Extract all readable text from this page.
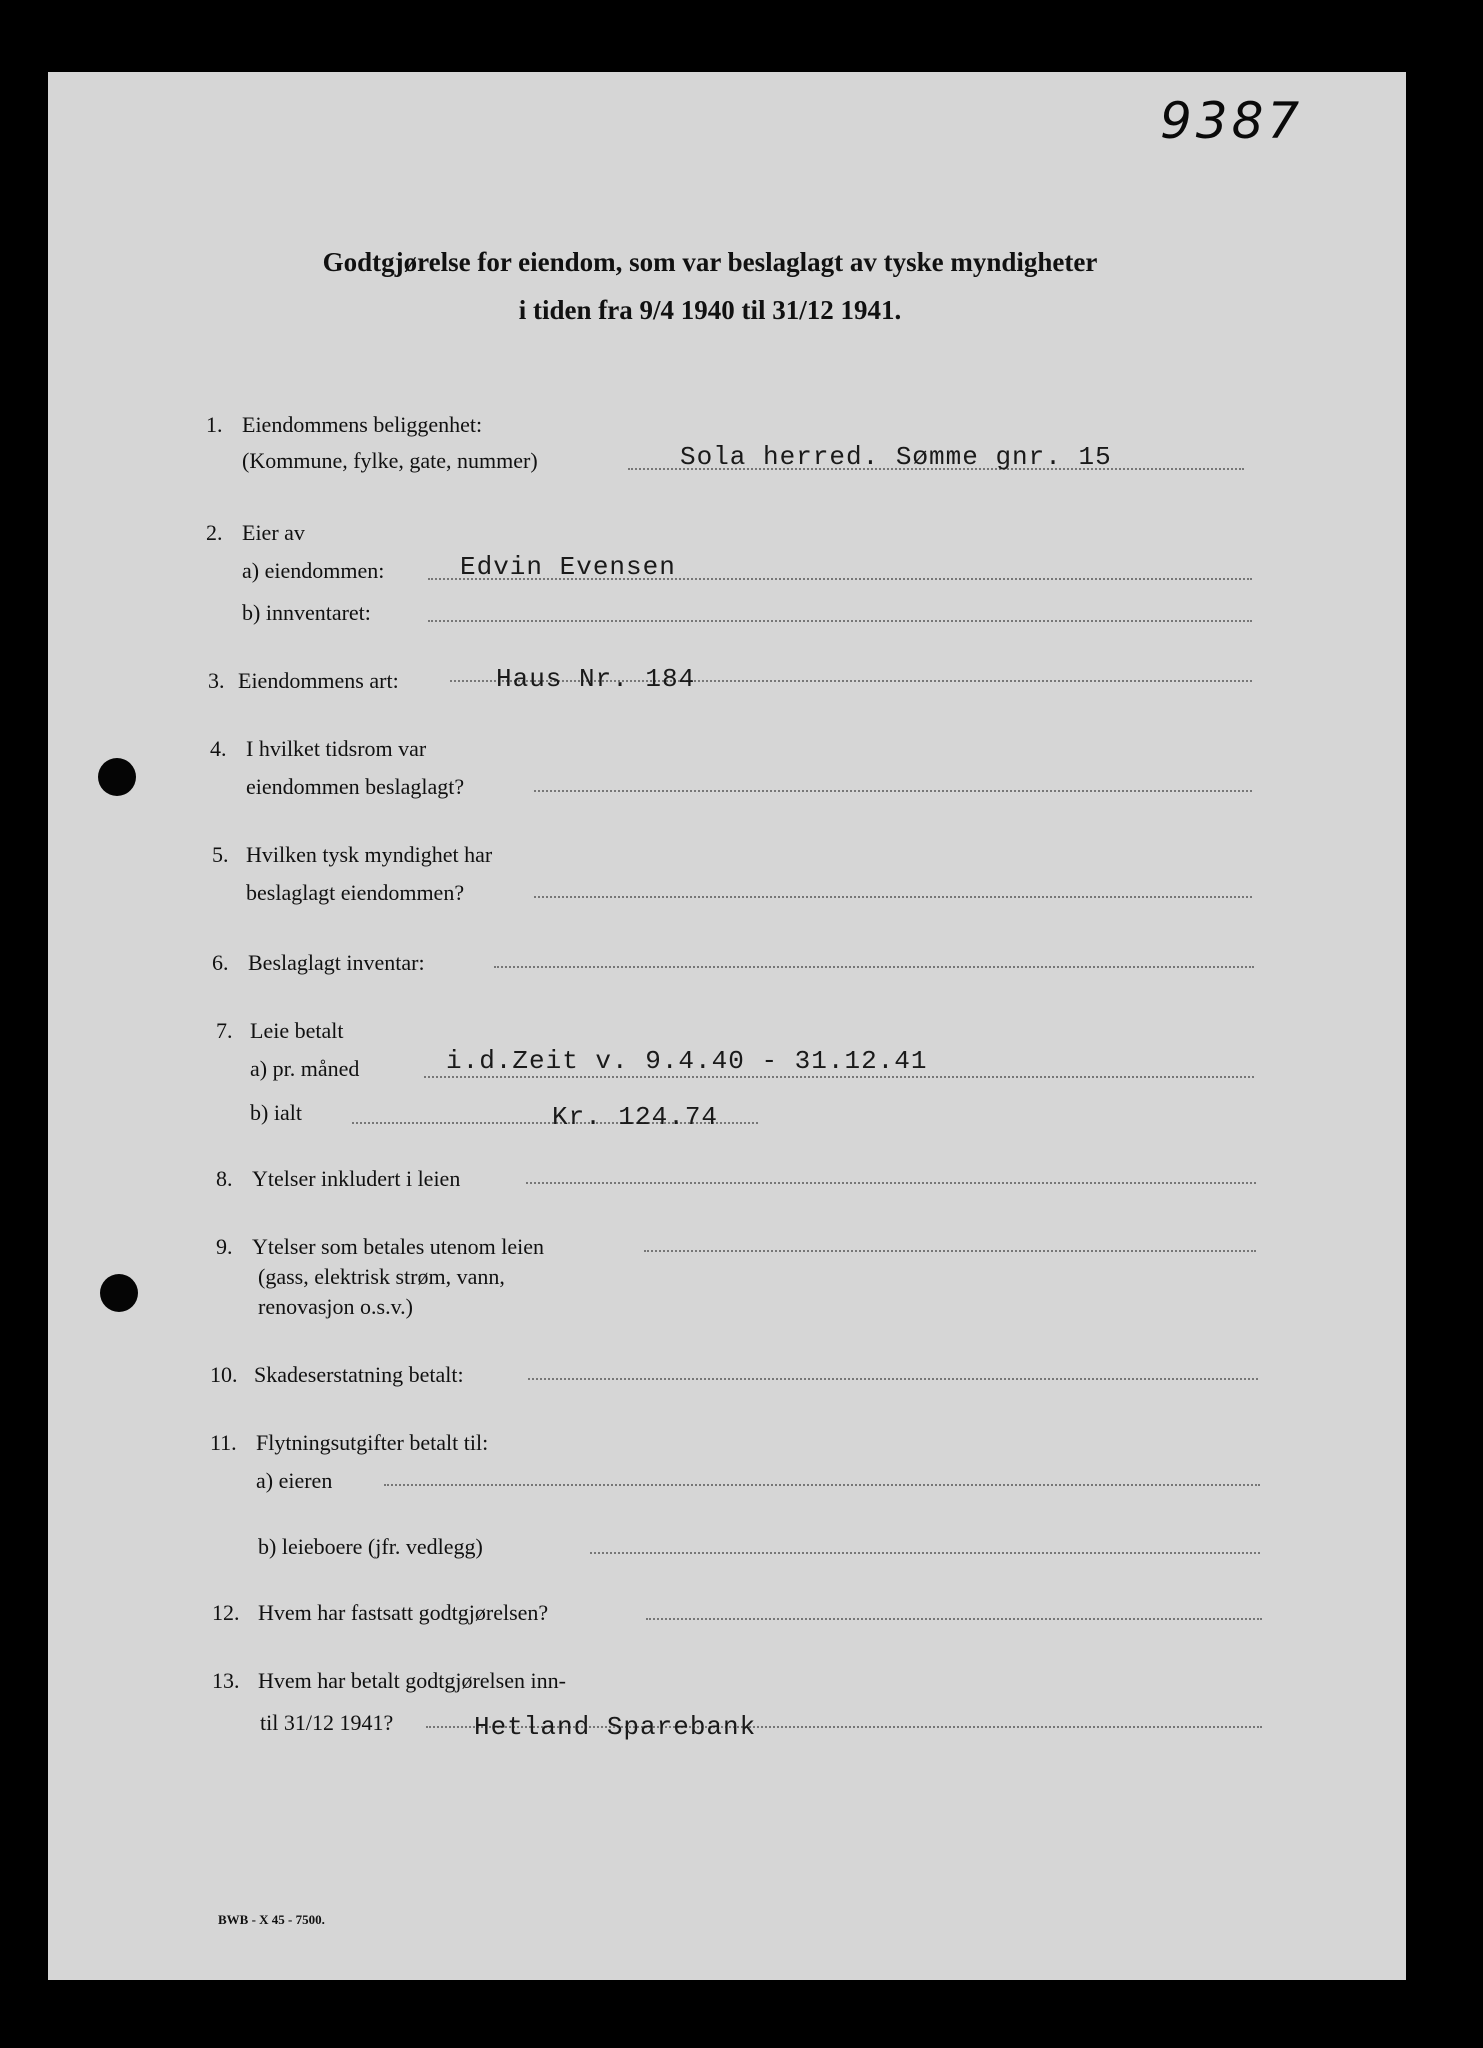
9387
Godtgjørelse for eiendom, som var beslaglagt av tyske myndigheter
i tiden fra 9/4 1940 til 31/12 1941.
1. Eiendommens beliggenhet:
(Kommune, fylke, gate, nummer)	Sola herred. Sømme gnr. 15
2. Eier av
a) eiendommen:	Edvin Evensen
b) innventaret:
3. Eiendommens art:	Haus Nr. 184
4. I hvilket tidsrom var
eiendommen beslaglagt?
5. Hvilken tysk myndighet har
beslaglagt eiendommen?
6. Beslaglagt inventar:
7. Leie betalt
a) pr. måned	i.d.Zeit v. 9.4.40 - 31.12.41
b) ialt	Kr. 124.74
8. Ytelser inkludert i leien
9. Ytelser som betales utenom leien
(gass, elektrisk strøm, vann,
renovasjon o.s.v.)
10. Skadeserstatning betalt:
11. Flytningsutgifter betalt til:
a) eieren
b) leieboere (jfr. vedlegg)
12. Hvem har fastsatt godtgjørelsen?
13. Hvem har betalt godtgjørelsen inn-
til 31/12 1941?	Hetland Sparebank
BWB - X 45 - 7500.
